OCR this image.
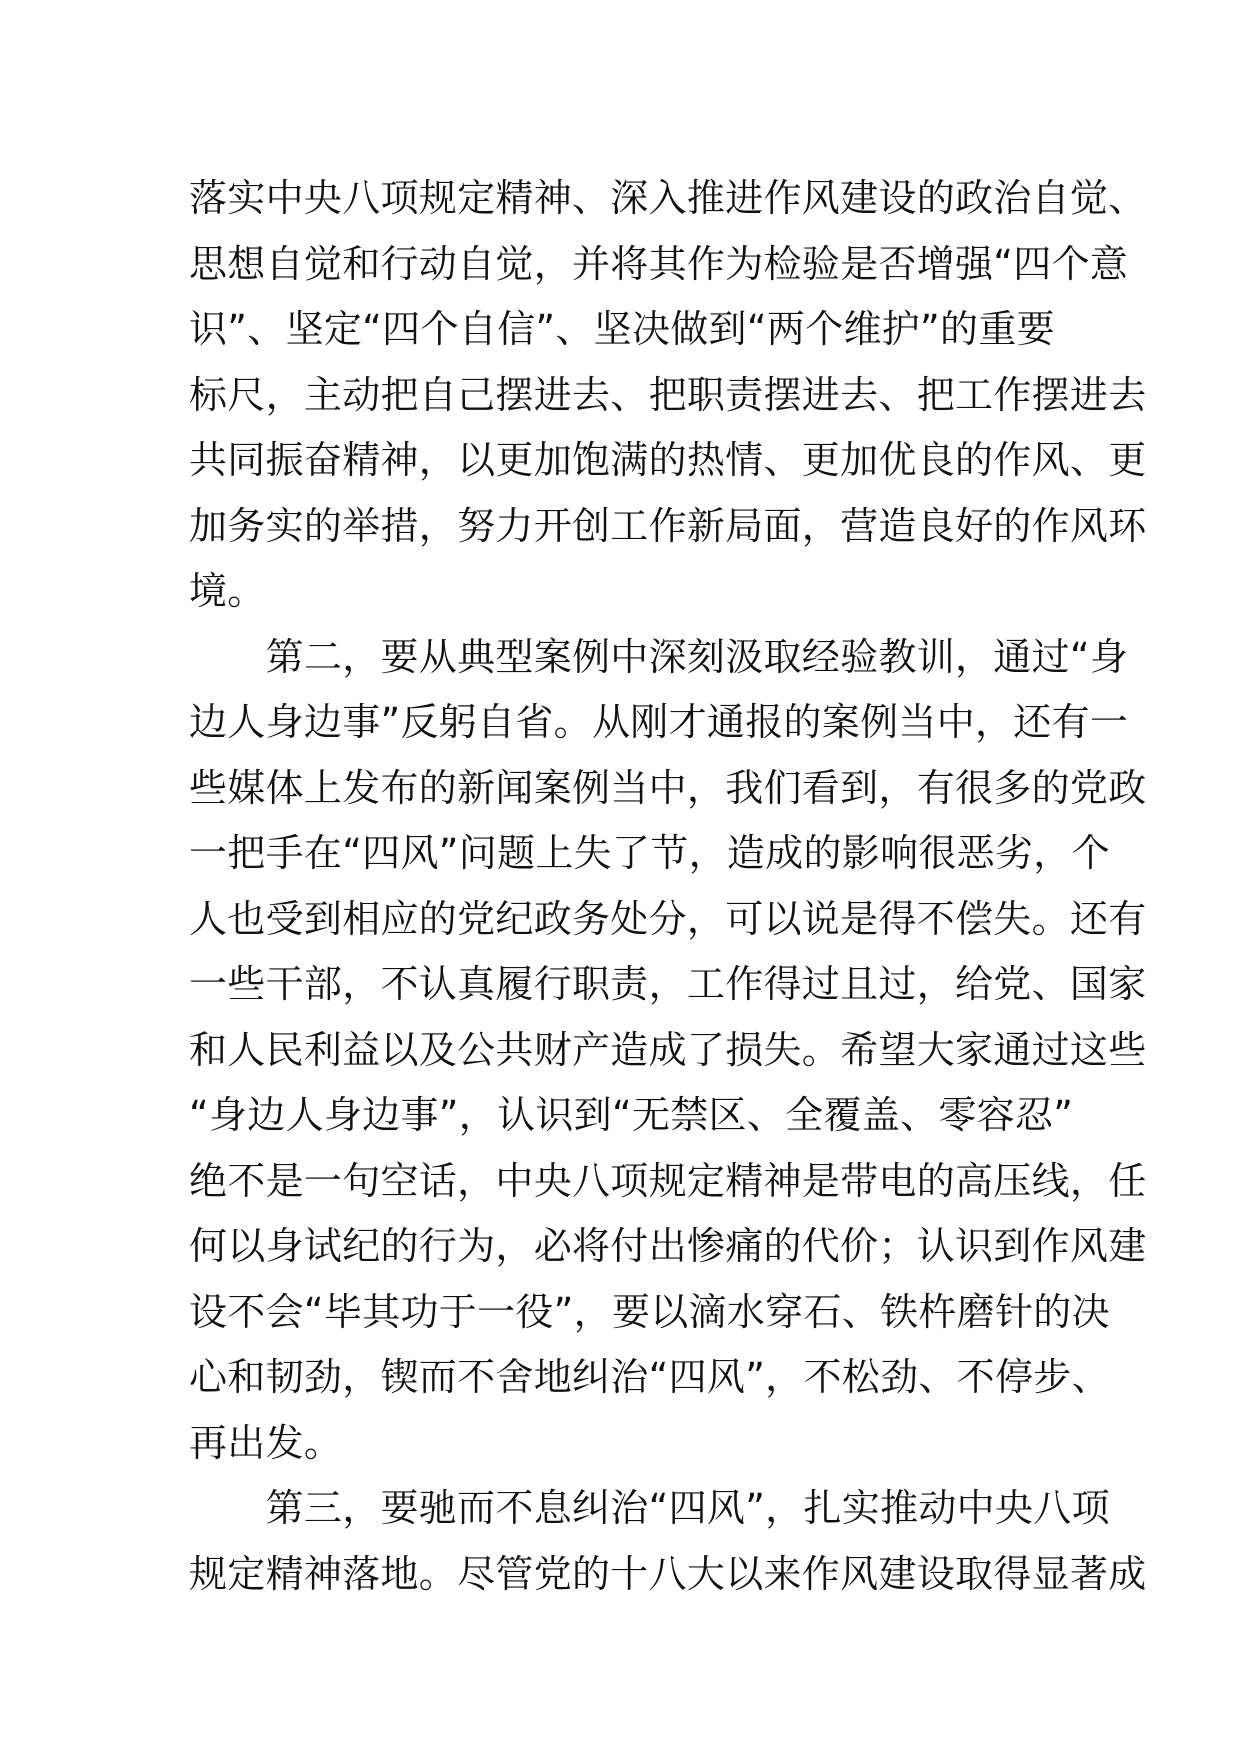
落实中央八项规定精神、深入推进作风建设的政治自觉、
思想自觉和行动自觉，并将其作为检验是否增强“四个意
识”、坚定“四个自信”、坚决做到“两个维护”的重要
标尺，主动把自己摆进去、把职责摆进去、把工作摆进去
共同振奋精神，以更加饱满的热情、更加优良的作风、更
加务实的举措，努力开创工作新局面，营造良好的作风环
境。
　　第二，要从典型案例中深刻汲取经验教训，通过“身
边人身边事”反躬自省。从刚才通报的案例当中，还有一
些媒体上发布的新闻案例当中，我们看到，有很多的党政
一把手在“四风”问题上失了节，造成的影响很恶劣，个
人也受到相应的党纪政务处分，可以说是得不偿失。还有
一些干部，不认真履行职责，工作得过且过，给党、国家
和人民利益以及公共财产造成了损失。希望大家通过这些
“身边人身边事”，认识到“无禁区、全覆盖、零容忍”
绝不是一句空话，中央八项规定精神是带电的高压线，任
何以身试纪的行为，必将付出惨痛的代价；认识到作风建
设不会“毕其功于一役”，要以滴水穿石、铁杵磨针的决
心和韧劲，锲而不舍地纠治“四风”，不松劲、不停步、
再出发。
　　第三，要驰而不息纠治“四风”，扎实推动中央八项
规定精神落地。尽管党的十八大以来作风建设取得显著成
